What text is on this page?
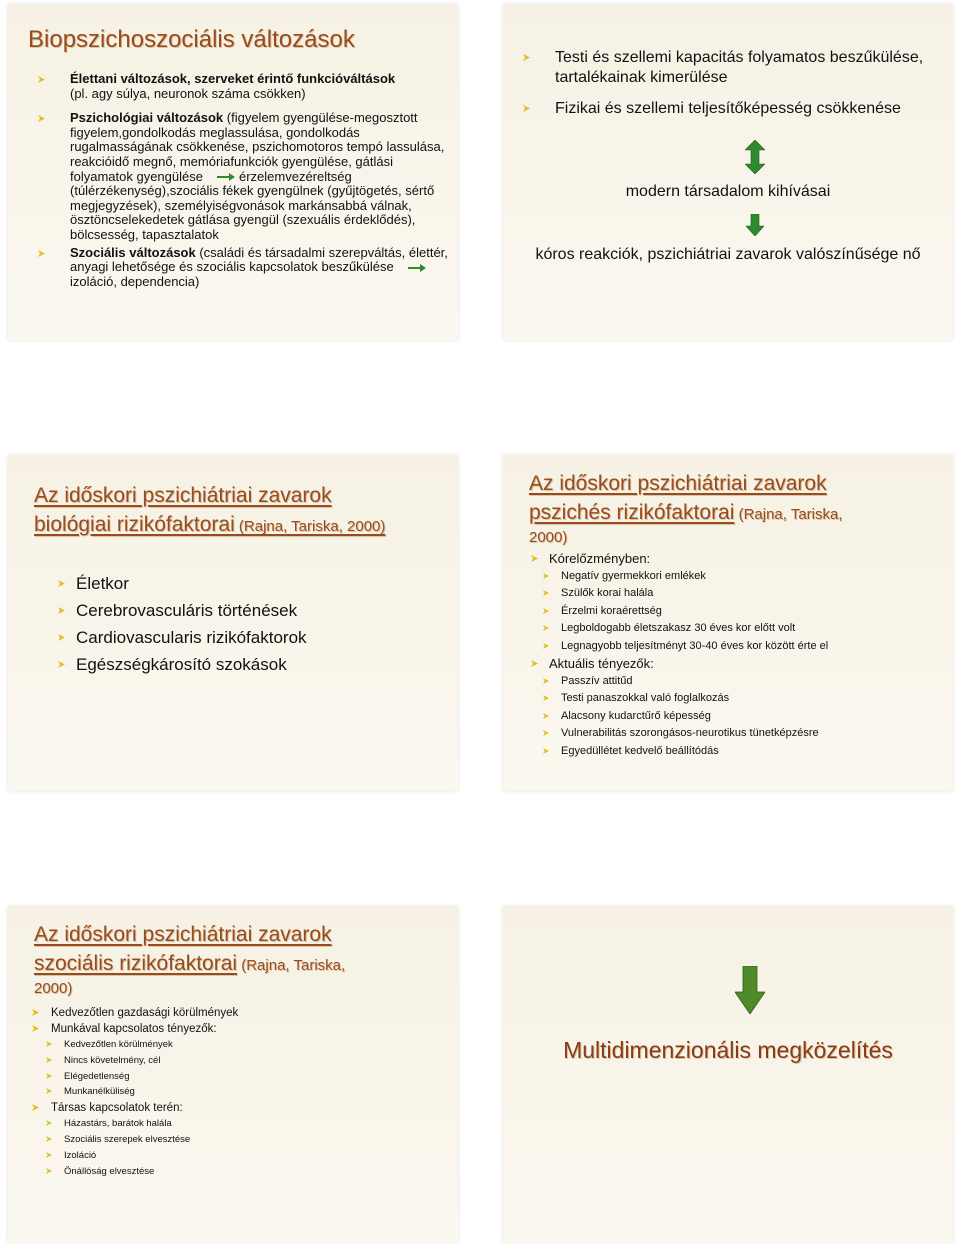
Biopszichoszociális változások
Élettani változások, szerveket érintő funkcióváltások
(pl. agy súlya, neuronok száma csökken)
Pszichológiai változások (figyelem gyengülése-megosztott figyelem,gondolkodás meglassulása, gondolkodás rugalmasságának csökkenése, pszichomotoros tempó lassulása, reakcióidő megnő, memóriafunkciók gyengülése, gátlási folyamatok gyengülése	érzelemvezéreltség (túlérzékenység),szociális fékek gyengülnek (gyűjtögetés, sértő megjegyzések), személyiségvonások markánsabbá válnak, ösztöncselekedetek gátlása gyengül (szexuális érdeklődés), bölcsesség, tapasztalatok
Szociális változások (családi és társadalmi szerepváltás, élettér, anyagi lehetősége és szociális kapcsolatok beszűkülése
izoláció, dependencia)
Testi és szellemi kapacitás folyamatos beszűkülése, tartalékainak kimerülése
Fizikai és szellemi teljesítőképesség csökkenése
modern társadalom kihívásai
kóros reakciók, pszichiátriai zavarok valószínűsége nő
Az időskori pszichiátriai zavarok
biológiai rizikófaktorai (Rajna, Tariska, 2000)
Életkor
Cerebrovasculáris történések
Cardiovascularis rizikófaktorok
Egészségkárosító szokások
Az időskori pszichiátriai zavarok
pszichés rizikófaktorai (Rajna, Tariska,
2000)
Kórelőzményben:
Negatív gyermekkori emlékek
Szülők korai halála
Érzelmi koraérettség
Legboldogabb életszakasz 30 éves kor előtt volt
Legnagyobb teljesítményt 30-40 éves kor között érte el
Aktuális tényezők:
Passzív attitűd
Testi panaszokkal való foglalkozás
Alacsony kudarctűrő képesség
Vulnerabilitás szorongásos-neurotikus tünetképzésre
Egyedüllétet kedvelő beállítódás
Az időskori pszichiátriai zavarok
szociális rizikófaktorai (Rajna, Tariska,
2000)
Kedvezőtlen gazdasági körülmények
Munkával kapcsolatos tényezők:
Kedvezőtlen körülmények
Nincs követelmény, cél
Elégedetlenség
Munkanélküliség
Társas kapcsolatok terén:
Házastárs, barátok halála
Szociális szerepek elvesztése
Izoláció
Önállóság elvesztése
Multidimenzionális megközelítés
